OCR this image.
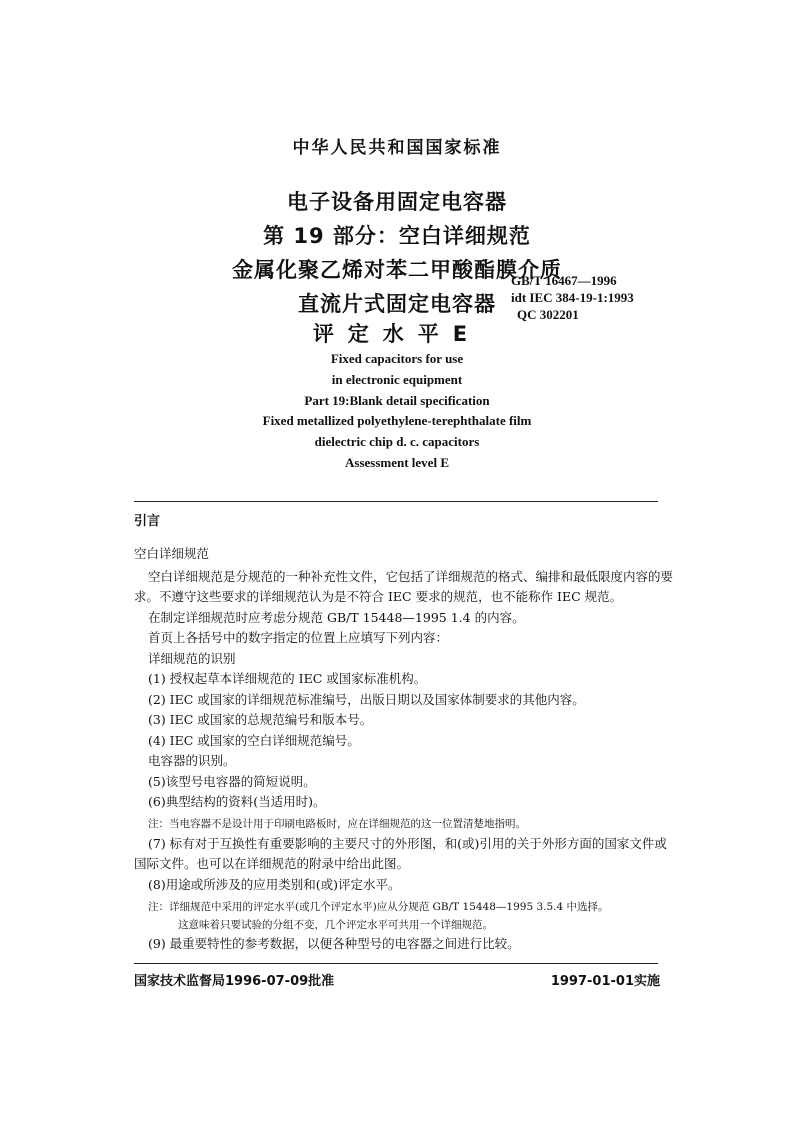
中华人民共和国国家标准
电子设备用固定电容器
第 19 部分：空白详细规范
金属化聚乙烯对苯二甲酸酯膜介质
直流片式固定电容器
评定水平E
GB/T 16467—1996
idt IEC 384-19-1:1993
QC 302201
Fixed capacitors for use
in electronic equipment
Part 19:Blank detail specification
Fixed metallized polyethylene-terephthalate film
dielectric chip d. c. capacitors
Assessment level E
引言
空白详细规范
空白详细规范是分规范的一种补充性文件，它包括了详细规范的格式、编排和最低限度内容的要
求。不遵守这些要求的详细规范认为是不符合 IEC 要求的规范，也不能称作 IEC 规范。
在制定详细规范时应考虑分规范 GB/T 15448—1995 1.4 的内容。
首页上各括号中的数字指定的位置上应填写下列内容：
详细规范的识别
(1) 授权起草本详细规范的 IEC 或国家标准机构。
(2) IEC 或国家的详细规范标准编号，出版日期以及国家体制要求的其他内容。
(3) IEC 或国家的总规范编号和版本号。
(4) IEC 或国家的空白详细规范编号。
电容器的识别。
(5)该型号电容器的简短说明。
(6)典型结构的资料(当适用时)。
注：当电容器不是设计用于印刷电路板时，应在详细规范的这一位置清楚地指明。
(7) 标有对于互换性有重要影响的主要尺寸的外形图，和(或)引用的关于外形方面的国家文件或
国际文件。也可以在详细规范的附录中给出此图。
(8)用途或所涉及的应用类别和(或)评定水平。
注：详细规范中采用的评定水平(或几个评定水平)应从分规范 GB/T 15448—1995 3.5.4 中选择。
这意味着只要试验的分组不变，几个评定水平可共用一个详细规范。
(9) 最重要特性的参考数据，以便各种型号的电容器之间进行比较。
国家技术监督局1996-07-09批准	1997-01-01实施
